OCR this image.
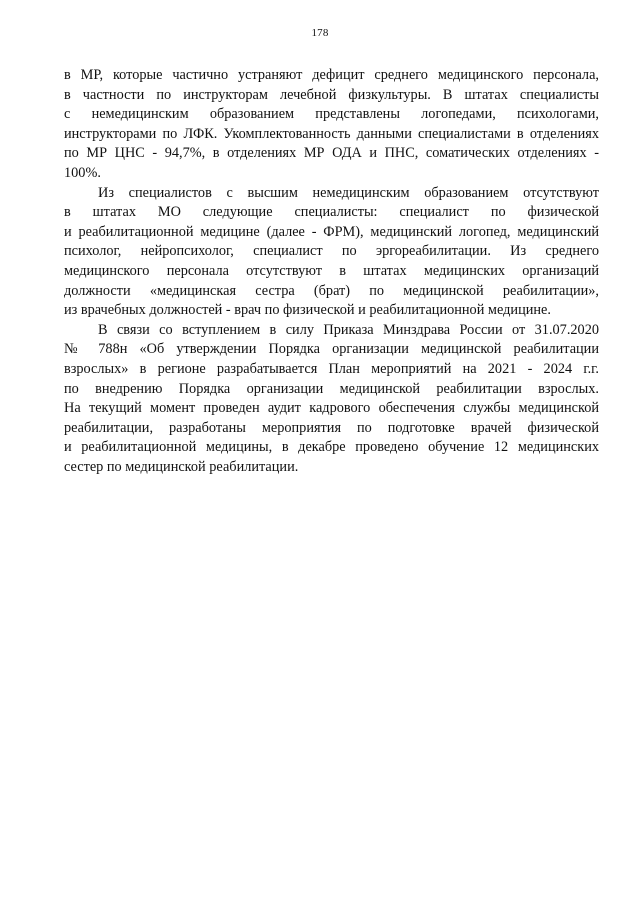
178
в МР, которые частично устраняют дефицит среднего медицинского персонала,
в частности по инструкторам лечебной физкультуры. В штатах специалисты
с немедицинским образованием представлены логопедами, психологами,
инструкторами по ЛФК. Укомплектованность данными специалистами в отделениях
по МР ЦНС - 94,7%, в отделениях МР ОДА и ПНС, соматических отделениях -
100%.
Из специалистов с высшим немедицинским образованием отсутствуют
в штатах МО следующие специалисты: специалист по физической
и реабилитационной медицине (далее - ФРМ), медицинский логопед, медицинский
психолог, нейропсихолог, специалист по эргореабилитации. Из среднего
медицинского персонала отсутствуют в штатах медицинских организаций
должности «медицинская сестра (брат) по медицинской реабилитации»,
из врачебных должностей - врач по физической и реабилитационной медицине.
В связи со вступлением в силу Приказа Минздрава России от 31.07.2020
№ 788н «Об утверждении Порядка организации медицинской реабилитации
взрослых» в регионе разрабатывается План мероприятий на 2021 - 2024 г.г.
по внедрению Порядка организации медицинской реабилитации взрослых.
На текущий момент проведен аудит кадрового обеспечения службы медицинской
реабилитации, разработаны мероприятия по подготовке врачей физической
и реабилитационной медицины, в декабре проведено обучение 12 медицинских
сестер по медицинской реабилитации.
